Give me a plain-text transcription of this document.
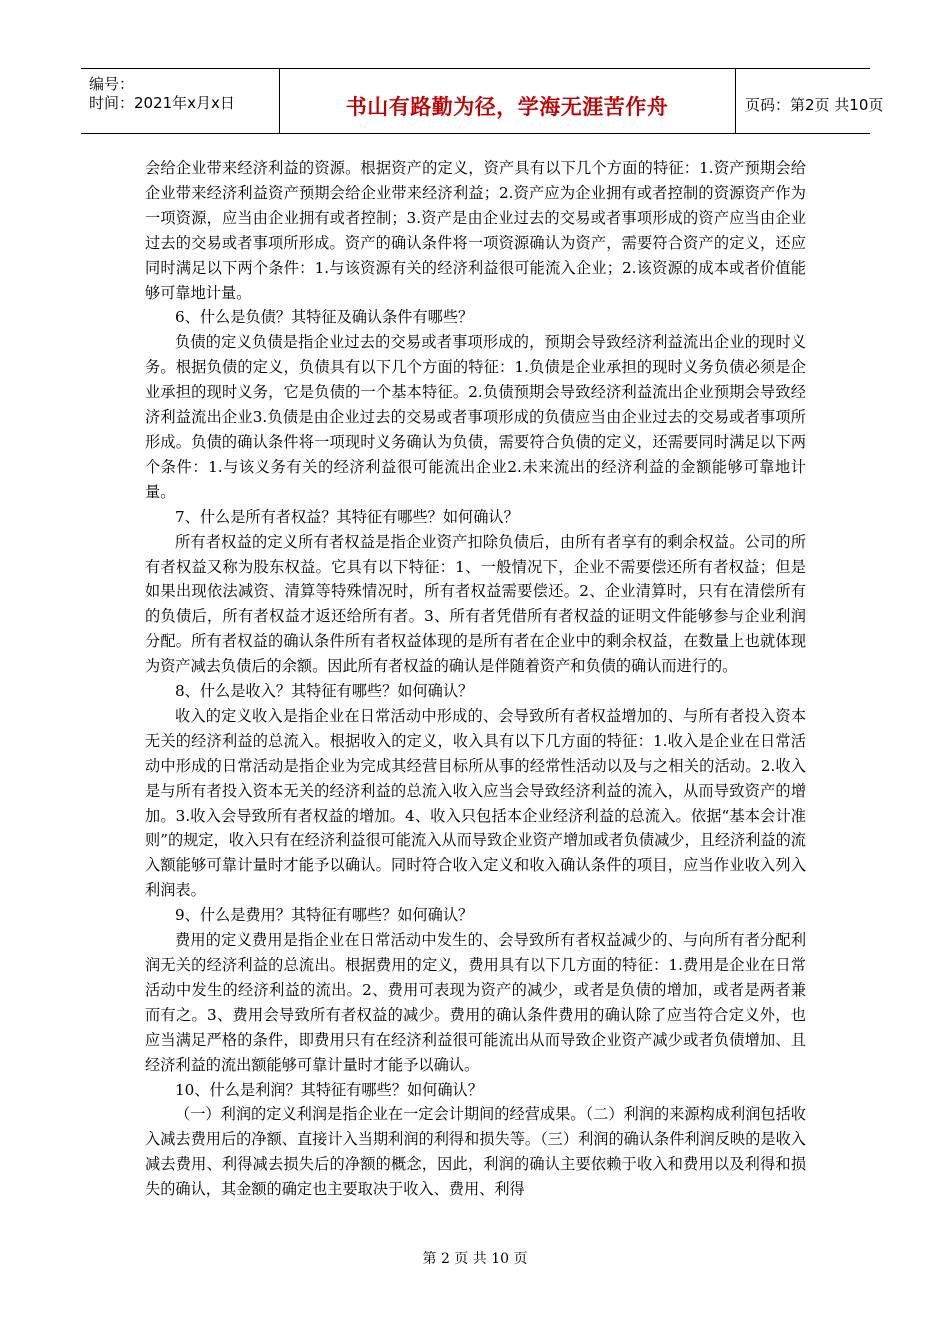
编号：
时间：2021年x月x日	书山有路勤为径，学海无涯苦作舟	页码：第2页 共10页

会给企业带来经济利益的资源。根据资产的定义，资产具有以下几个方面的特征：1.资产预期会给企业带来经济利益资产预期会给企业带来经济利益；2.资产应为企业拥有或者控制的资源资产作为一项资源，应当由企业拥有或者控制；3.资产是由企业过去的交易或者事项形成的资产应当由企业过去的交易或者事项所形成。资产的确认条件将一项资源确认为资产，需要符合资产的定义，还应同时满足以下两个条件：1.与该资源有关的经济利益很可能流入企业；2.该资源的成本或者价值能够可靠地计量。

6、什么是负债？其特征及确认条件有哪些？

负债的定义负债是指企业过去的交易或者事项形成的，预期会导致经济利益流出企业的现时义务。根据负债的定义，负债具有以下几个方面的特征：1.负债是企业承担的现时义务负债必须是企业承担的现时义务，它是负债的一个基本特征。2.负债预期会导致经济利益流出企业预期会导致经济利益流出企业3.负债是由企业过去的交易或者事项形成的负债应当由企业过去的交易或者事项所形成。负债的确认条件将一项现时义务确认为负债，需要符合负债的定义，还需要同时满足以下两个条件：1.与该义务有关的经济利益很可能流出企业2.未来流出的经济利益的金额能够可靠地计量。

7、什么是所有者权益？其特征有哪些？如何确认？

所有者权益的定义所有者权益是指企业资产扣除负债后，由所有者享有的剩余权益。公司的所有者权益又称为股东权益。它具有以下特征：1、一般情况下，企业不需要偿还所有者权益；但是如果出现依法减资、清算等特殊情况时，所有者权益需要偿还。2、企业清算时，只有在清偿所有的负债后，所有者权益才返还给所有者。3、所有者凭借所有者权益的证明文件能够参与企业利润分配。所有者权益的确认条件所有者权益体现的是所有者在企业中的剩余权益，在数量上也就体现为资产减去负债后的余额。因此所有者权益的确认是伴随着资产和负债的确认而进行的。

8、什么是收入？其特征有哪些？如何确认？

收入的定义收入是指企业在日常活动中形成的、会导致所有者权益增加的、与所有者投入资本无关的经济利益的总流入。根据收入的定义，收入具有以下几方面的特征：1.收入是企业在日常活动中形成的日常活动是指企业为完成其经营目标所从事的经常性活动以及与之相关的活动。2.收入是与所有者投入资本无关的经济利益的总流入收入应当会导致经济利益的流入，从而导致资产的增加。3.收入会导致所有者权益的增加。4、收入只包括本企业经济利益的总流入。依据“基本会计准则”的规定，收入只有在经济利益很可能流入从而导致企业资产增加或者负债减少，且经济利益的流入额能够可靠计量时才能予以确认。同时符合收入定义和收入确认条件的项目，应当作业收入列入利润表。

9、什么是费用？其特征有哪些？如何确认？

费用的定义费用是指企业在日常活动中发生的、会导致所有者权益减少的、与向所有者分配利润无关的经济利益的总流出。根据费用的定义，费用具有以下几方面的特征：1.费用是企业在日常活动中发生的经济利益的流出。2、费用可表现为资产的减少，或者是负债的增加，或者是两者兼而有之。3、费用会导致所有者权益的减少。费用的确认条件费用的确认除了应当符合定义外，也应当满足严格的条件，即费用只有在经济利益很可能流出从而导致企业资产减少或者负债增加、且经济利益的流出额能够可靠计量时才能予以确认。

10、什么是利润？其特征有哪些？如何确认？

（一）利润的定义利润是指企业在一定会计期间的经营成果。（二）利润的来源构成利润包括收入减去费用后的净额、直接计入当期利润的利得和损失等。（三）利润的确认条件利润反映的是收入减去费用、利得减去损失后的净额的概念，因此，利润的确认主要依赖于收入和费用以及利得和损失的确认，其金额的确定也主要取决于收入、费用、利得

第 2 页 共 10 页
